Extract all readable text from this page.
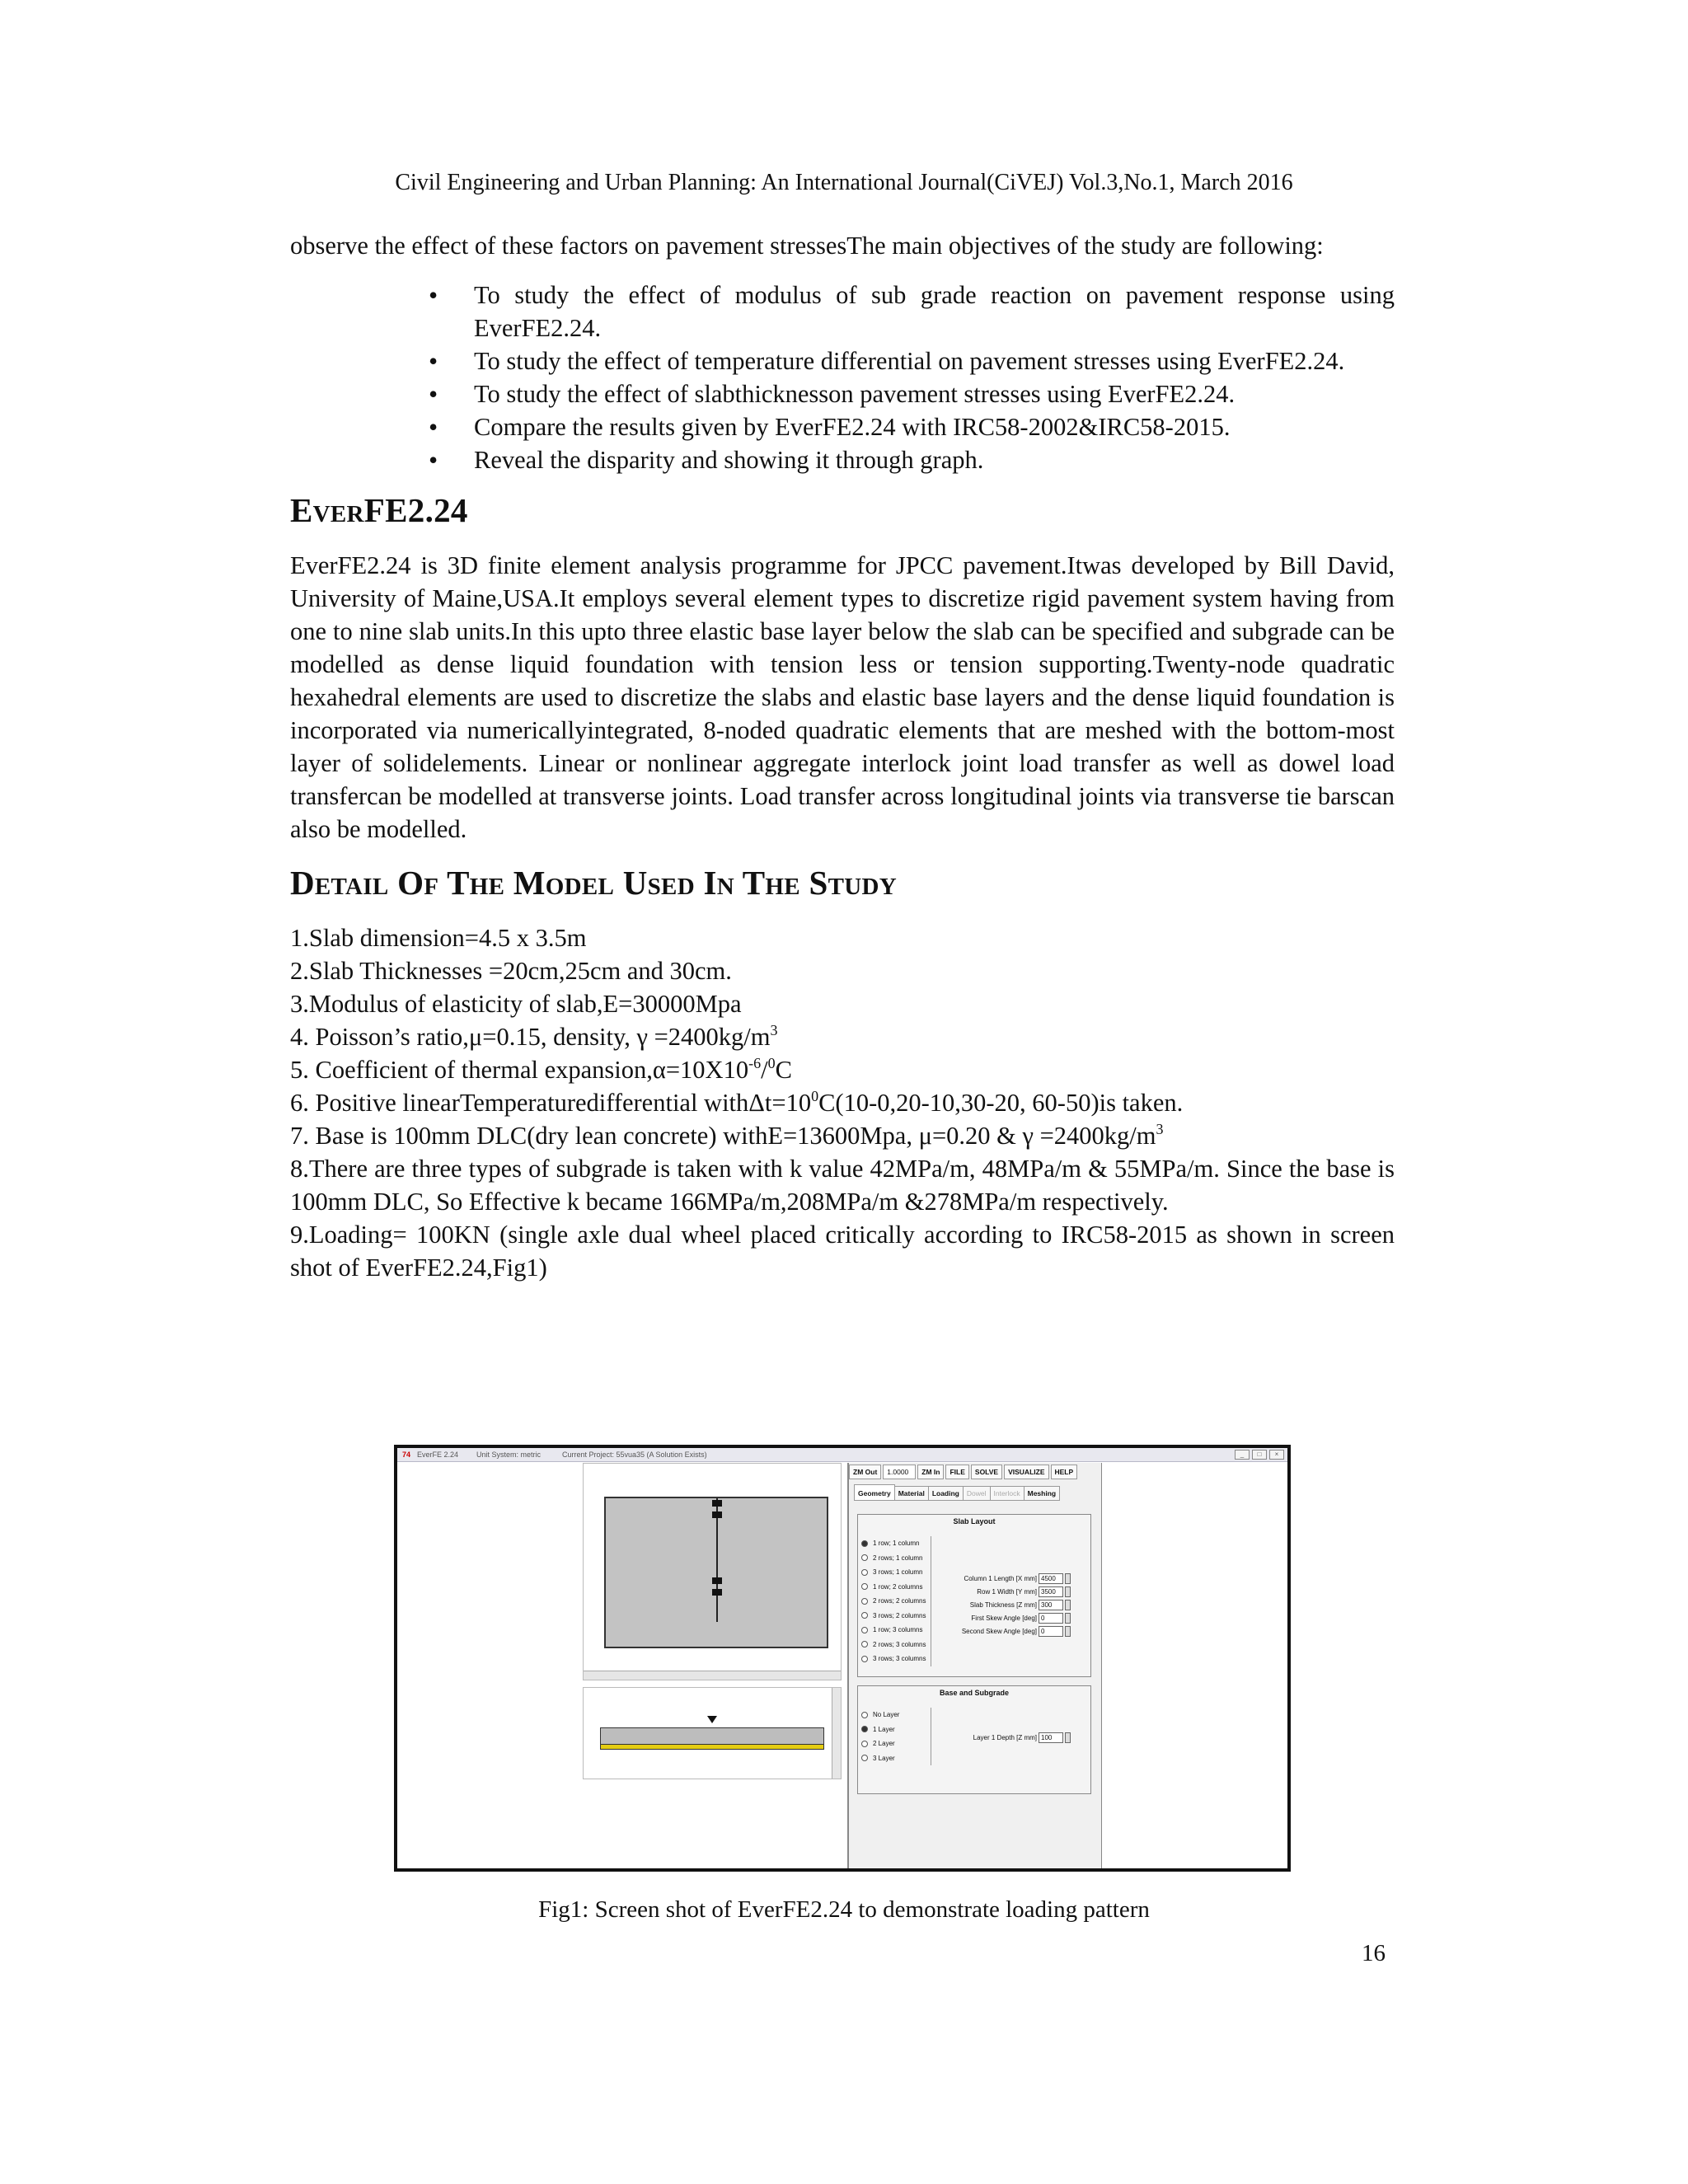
Civil Engineering and Urban Planning: An International Journal(CiVEJ) Vol.3,No.1, March 2016

observe the effect of these factors on pavement stressesThe main objectives of the study are following:

• To study the effect of modulus of sub grade reaction on pavement response using EverFE2.24.
• To study the effect of temperature differential on pavement stresses using EverFE2.24.
• To study the effect of slabthicknesson pavement stresses using EverFE2.24.
• Compare the results given by EverFE2.24 with IRC58-2002&IRC58-2015.
• Reveal the disparity and showing it through graph.
EverFE2.24

EverFE2.24 is 3D finite element analysis programme for JPCC pavement.Itwas developed by Bill David, University of Maine,USA.It employs several element types to discretize rigid pavement system having from one to nine slab units.In this upto three elastic base layer below the slab can be specified and subgrade can be modelled as dense liquid foundation with tension less or tension supporting.Twenty-node quadratic hexahedral elements are used to discretize the slabs and elastic base layers and the dense liquid foundation is incorporated via numericallyintegrated, 8-noded quadratic elements that are meshed with the bottom-most layer of solidelements. Linear or nonlinear aggregate interlock joint load transfer as well as dowel load transfercan be modelled at transverse joints. Load transfer across longitudinal joints via transverse tie barscan also be modelled.

Detail Of The Model Used In The Study

1.Slab dimension=4.5 x 3.5m

2.Slab Thicknesses =20cm,25cm and 30cm.

3.Modulus of elasticity of slab,E=30000Mpa

4. Poisson’s ratio,μ=0.15, density, $\gamma =2400kg/m^3$

5. Coefficient of thermal $expansion,\alpha=10X10^{-6}/^0C$

6. Positive linearTemperaturedifferential $with\Delta t=10^0C(10-0,20-10,30-20$, 60-50)is taken.

7. Base is 100mm DLC(dry lean concrete) withE=13600Mpa, μ=0.20 & $\gamma =2400kg/m^3$

8.There are three types of subgrade is taken with k value 42MPa/m, 48MPa/m & 55MPa/m. Since the base is 100mm DLC, So Effective k became 166MPa/m,208MPa/m &278MPa/m respectively.

9.Loading= 100KN (single axle dual wheel placed critically according to IRC58-2015 as shown in screen shot of EverFE2.24,Fig1)

74 EverFE 2.24 Unit System: metric	Current Project: 55vua35 (A Solution Exists)	_	□	×
ZM Out	1.0000	ZM In	FILE	SOLVE	VISUALIZE	HELP
Geometry	Material	Loading	Dowel	Interlock	Meshing
Slab Layout
1 row; 1 column
2 rows; 1 column
3 rows; 1 column
1 row; 2 columns
2 rows; 2 columns
3 rows; 2 columns
1 row; 3 columns
2 rows; 3 columns
3 rows; 3 columns
Column 1 Length [X mm] 4500
Row 1 Width [Y mm] 3500
Slab Thickness [Z mm] 300
First Skew Angle [deg] 0
Second Skew Angle [deg] 0
Base and Subgrade
No Layer
1 Layer
2 Layer
3 Layer
Layer 1 Depth [Z mm] 100
Fig1: Screen shot of EverFE2.24 to demonstrate loading pattern
16
